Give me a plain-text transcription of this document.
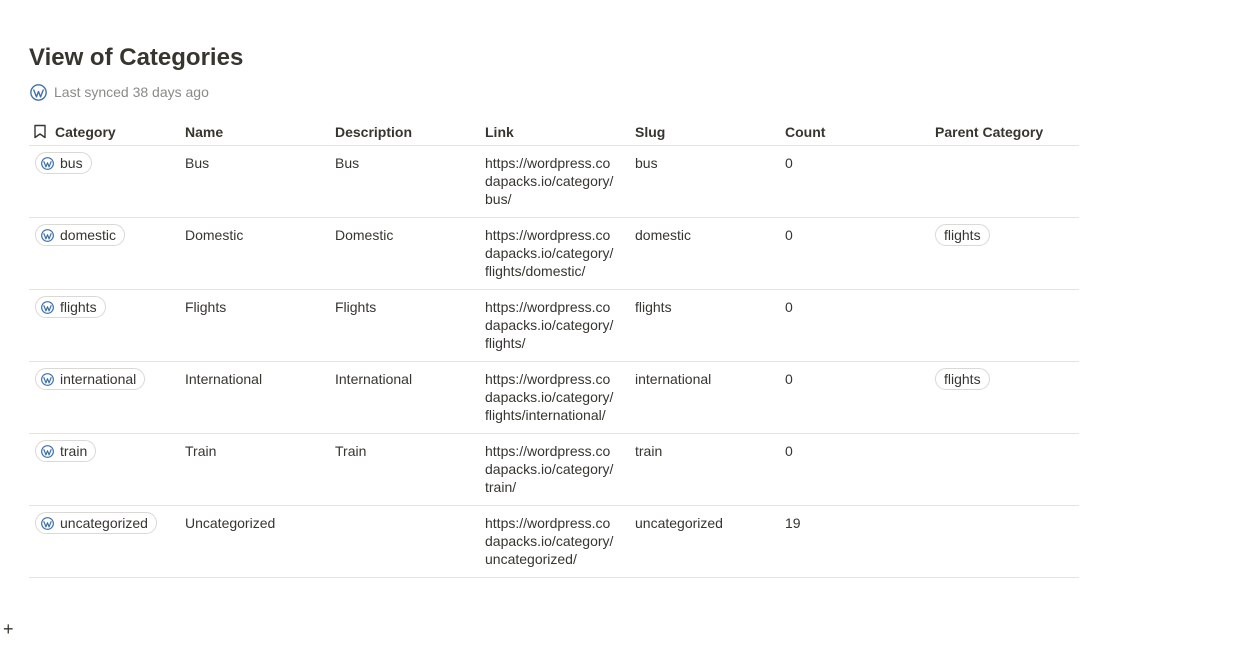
View of Categories
Last synced 38 days ago
Category	Name	Description	Link	Slug	Count	Parent Category

bus	Bus	Bus	https://wordpress.codapacks.io/category/bus/	bus	0	

domestic	Domestic	Domestic	https://wordpress.codapacks.io/category/flights/domestic/	domestic	0	flights

flights	Flights	Flights	https://wordpress.codapacks.io/category/flights/	flights	0	

international	International	International	https://wordpress.codapacks.io/category/flights/international/	international	0	flights

train	Train	Train	https://wordpress.codapacks.io/category/train/	train	0	

uncategorized	Uncategorized		https://wordpress.codapacks.io/category/uncategorized/	uncategorized	19	
+
